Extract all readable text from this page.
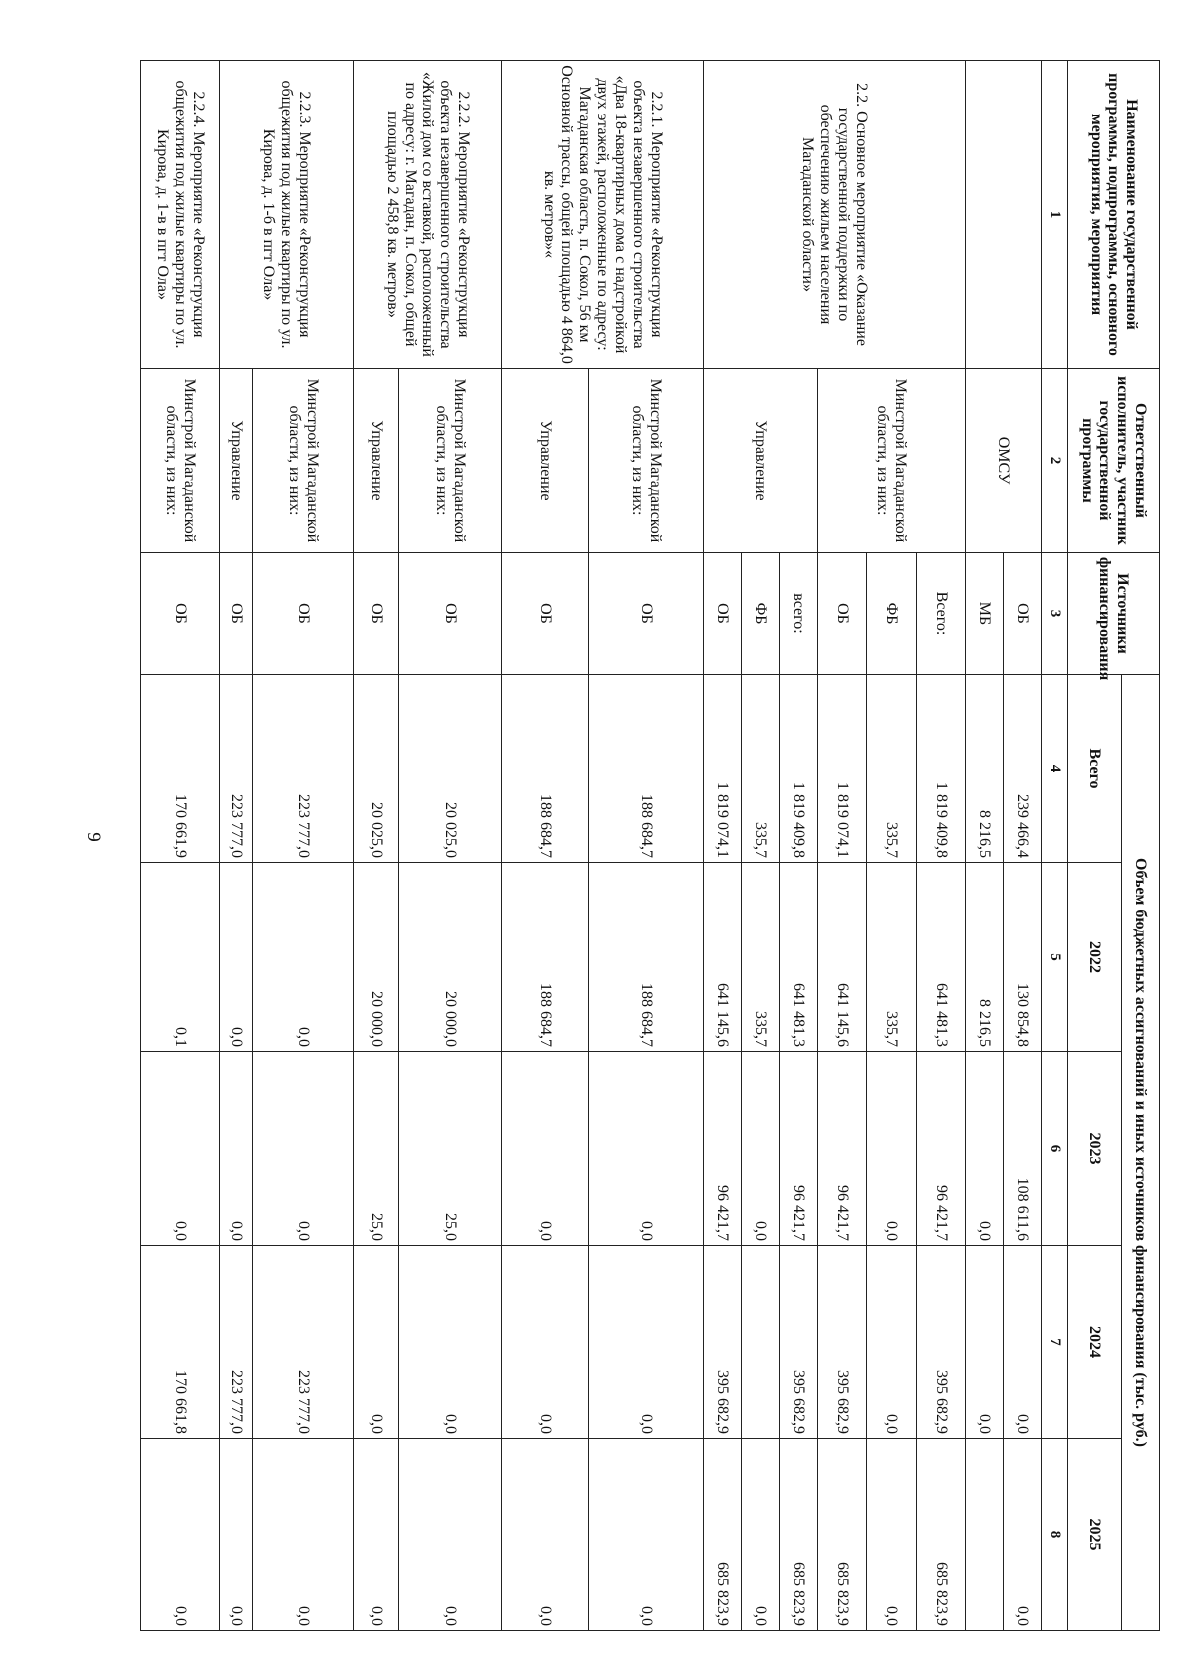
9
Наименование государственной программы, подпрограммы, основного мероприятия, мероприятия	Ответственный исполнитель, участник государственной программы	Источники финансирования	Объем бюджетных ассигнований и иных источников финансирования (тыс. руб.)				
			Всего	2022	2023	2024	2025
1	2	3	4	5	6	7	8
	ОМСУ	ОБ	239 466,4	130 854,8	108 611,6	0,0	0,0
		МБ	8 216,5	8 216,5	0,0	0,0	
2.2. Основное мероприятие «Оказание государственной поддержки по обеспечению жильем населения Магаданской области»	Минстрой Магаданской области, из них:	Всего:	1 819 409,8	641 481,3	96 421,7	395 682,9	685 823,9
		ФБ	335,7	335,7	0,0	0,0	0,0
		ОБ	1 819 074,1	641 145,6	96 421,7	395 682,9	685 823,9
	Управление	всего:	1 819 409,8	641 481,3	96 421,7	395 682,9	685 823,9
		ФБ	335,7	335,7	0,0		0,0
		ОБ	1 819 074,1	641 145,6	96 421,7	395 682,9	685 823,9
2.2.1. Мероприятие «Реконструкция объекта незавершенного строительства «Два 18-квартирных дома с надстройкой двух этажей, расположенные по адресу: Магаданская область, п. Сокол, 56 км Основной трассы, общей площадью 4 864,0 кв. метров»«	Минстрой Магаданской области, из них:	ОБ	188 684,7	188 684,7	0,0	0,0	0,0
	Управление	ОБ	188 684,7	188 684,7	0,0	0,0	0,0
2.2.2. Мероприятие «Реконструкция объекта незавершенного строительства «Жилой дом со вставкой, расположенный по адресу: г. Магадан, п. Сокол, общей площадью 2 458,8 кв. метров»	Минстрой Магаданской области, из них:	ОБ	20 025,0	20 000,0	25,0	0,0	0,0
	Управление	ОБ	20 025,0	20 000,0	25,0	0,0	0,0
2.2.3. Мероприятие «Реконструкция общежития под жилые квартиры по ул. Кирова, д. 1-б в пгт Ола»	Минстрой Магаданской области, из них:	ОБ	223 777,0	0,0	0,0	223 777,0	0,0
	Управление	ОБ	223 777,0	0,0	0,0	223 777,0	0,0
2.2.4. Мероприятие «Реконструкция общежития под жилые квартиры по ул. Кирова, д. 1-в в пгт Ола»	Минстрой Магаданской области, из них:	ОБ	170 661,9	0,1	0,0	170 661,8	0,0
